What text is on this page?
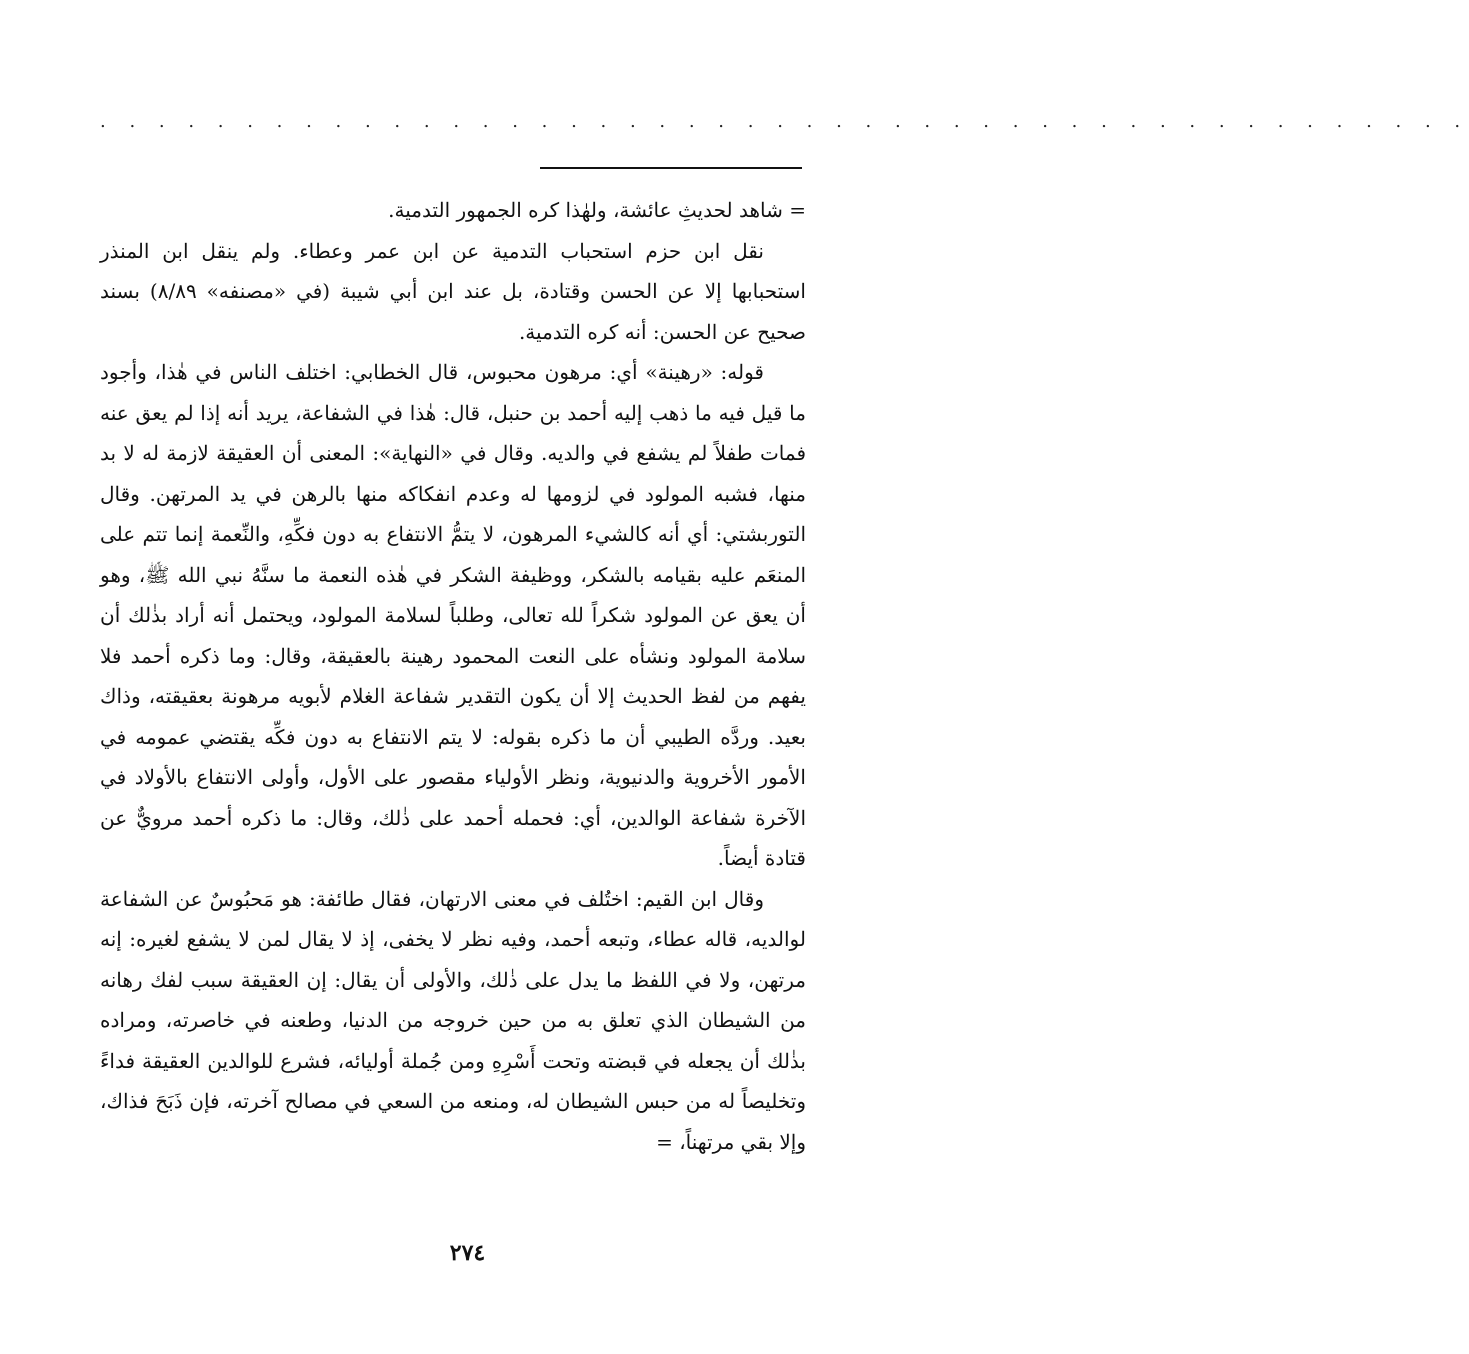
. . . . . . . . . . . . . . . . . . . . . . . . . . . . . . . . . . . . . . . . . . . . . . .

= شاهد لحديثِ عائشة، ولهٰذا كره الجمهور التدمية.

نقل ابن حزم استحباب التدمية عن ابن عمر وعطاء. ولم ينقل ابن المنذر استحبابها إلا عن الحسن وقتادة، بل عند ابن أبي شيبة (في «مصنفه» ٨/٨٩) بسند صحيح عن الحسن: أنه كره التدمية.

قوله: «رهينة» أي: مرهون محبوس، قال الخطابي: اختلف الناس في هٰذا، وأجود ما قيل فيه ما ذهب إليه أحمد بن حنبل، قال: هٰذا في الشفاعة، يريد أنه إذا لم يعق عنه فمات طفلاً لم يشفع في والديه. وقال في «النهاية»: المعنى أن العقيقة لازمة له لا بد منها، فشبه المولود في لزومها له وعدم انفكاكه منها بالرهن في يد المرتهن. وقال التوربشتي: أي أنه كالشيء المرهون، لا يتمُّ الانتفاع به دون فكِّهِ، والنِّعمة إنما تتم على المنعَم عليه بقيامه بالشكر، ووظيفة الشكر في هٰذه النعمة ما سنَّهُ نبي الله ﷺ، وهو أن يعق عن المولود شكراً لله تعالى، وطلباً لسلامة المولود، ويحتمل أنه أراد بذٰلك أن سلامة المولود ونشأه على النعت المحمود رهينة بالعقيقة، وقال: وما ذكره أحمد فلا يفهم من لفظ الحديث إلا أن يكون التقدير شفاعة الغلام لأبويه مرهونة بعقيقته، وذاك بعيد. وردَّه الطيبي أن ما ذكره بقوله: لا يتم الانتفاع به دون فكِّه يقتضي عمومه في الأمور الأخروية والدنيوية، ونظر الأولياء مقصور على الأول، وأولى الانتفاع بالأولاد في الآخرة شفاعة الوالدين، أي: فحمله أحمد على ذٰلك، وقال: ما ذكره أحمد مرويٌّ عن قتادة أيضاً.

وقال ابن القيم: اختُلف في معنى الارتهان، فقال طائفة: هو مَحبُوسٌ عن الشفاعة لوالديه، قاله عطاء، وتبعه أحمد، وفيه نظر لا يخفى، إذ لا يقال لمن لا يشفع لغيره: إنه مرتهن، ولا في اللفظ ما يدل على ذٰلك، والأولى أن يقال: إن العقيقة سبب لفك رهانه من الشيطان الذي تعلق به من حين خروجه من الدنيا، وطعنه في خاصرته، ومراده بذٰلك أن يجعله في قبضته وتحت أَسْرِهِ ومن جُملة أوليائه، فشرع للوالدين العقيقة فداءً وتخليصاً له من حبس الشيطان له، ومنعه من السعي في مصالح آخرته، فإن ذَبَحَ فذاك، وإلا بقي مرتهناً، =

٢٧٤
